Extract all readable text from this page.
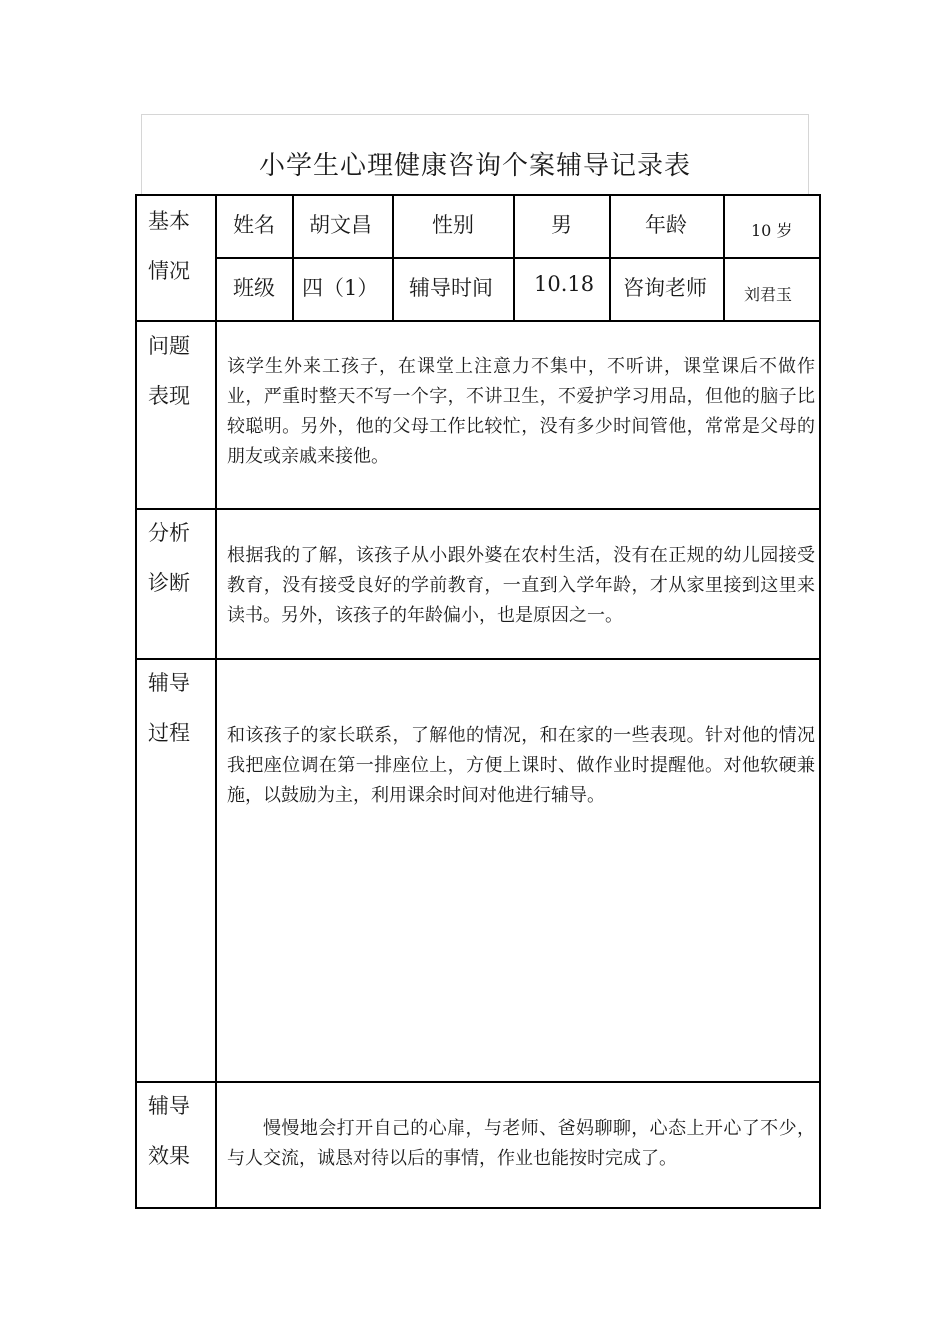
小学生心理健康咨询个案辅导记录表
基本
情况
姓名 胡文昌	性别	男	年龄	10 岁
班级 四（1） 辅导时间 10.18 咨询老师 刘君玉
问题
表现
该学生外来工孩子，在课堂上注意力不集中，不听讲，课堂课后不做作业，严重时整天不写一个字，不讲卫生，不爱护学习用品，但他的脑子比较聪明。另外，他的父母工作比较忙，没有多少时间管他，常常是父母的朋友或亲戚来接他。
分析
诊断
根据我的了解，该孩子从小跟外婆在农村生活，没有在正规的幼儿园接受教育，没有接受良好的学前教育，一直到入学年龄，才从家里接到这里来读书。另外，该孩子的年龄偏小，也是原因之一。
辅导
过程 和该孩子的家长联系，了解他的情况，和在家的一些表现。针对他的情况我把座位调在第一排座位上，方便上课时、做作业时提醒他。对他软硬兼施，以鼓励为主，利用课余时间对他进行辅导。
辅导
效果
慢慢地会打开自己的心扉，与老师、爸妈聊聊，心态上开心了不少，与人交流，诚恳对待以后的事情，作业也能按时完成了。
